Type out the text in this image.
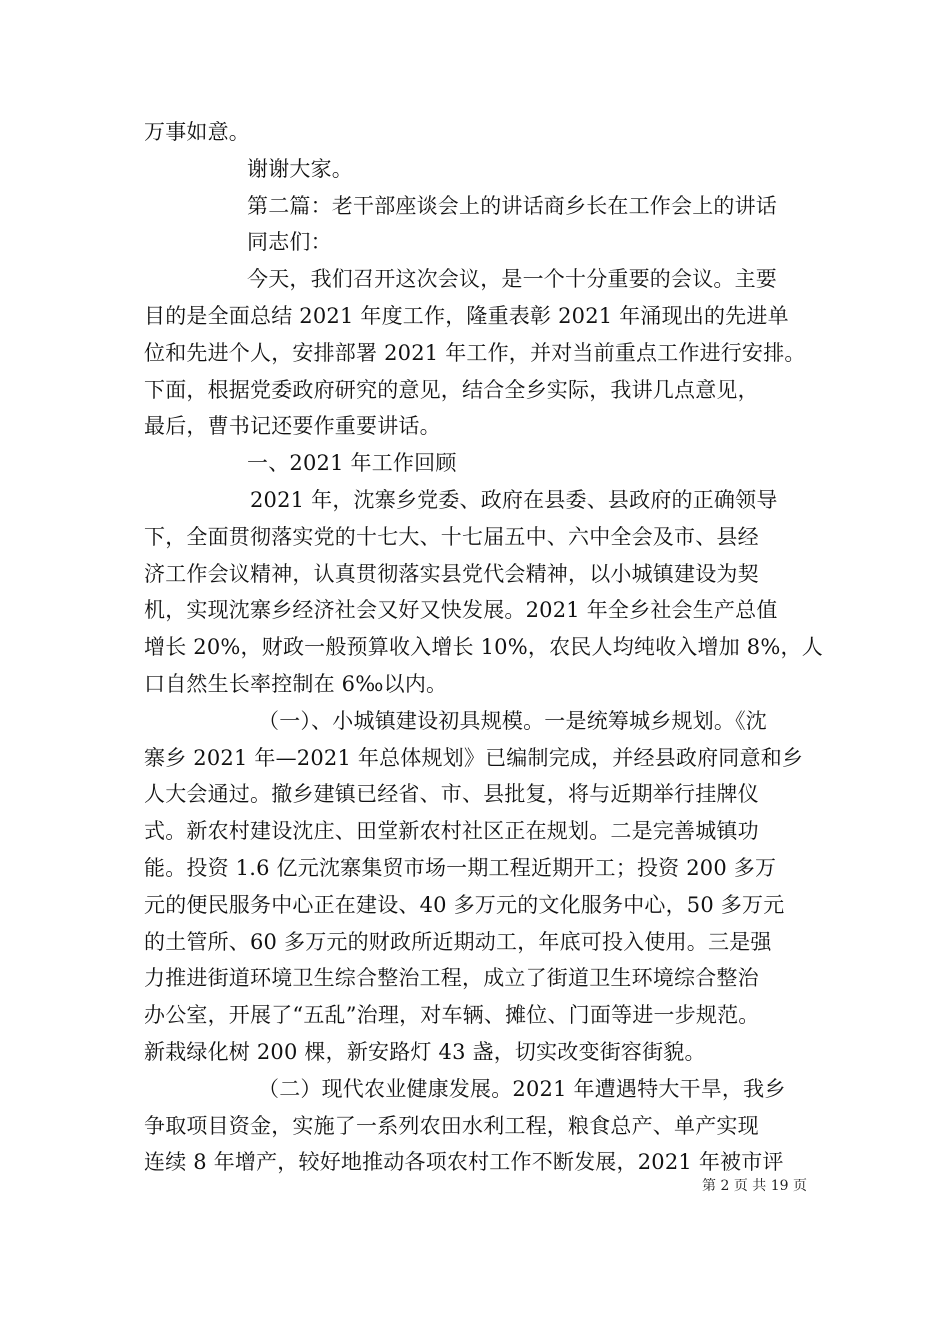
万事如意。
谢谢大家。
第二篇：老干部座谈会上的讲话商乡长在工作会上的讲话
同志们：
今天，我们召开这次会议，是一个十分重要的会议。主要
目的是全面总结 2021 年度工作，隆重表彰 2021 年涌现出的先进单
位和先进个人，安排部署 2021 年工作，并对当前重点工作进行安排。
下面，根据党委政府研究的意见，结合全乡实际，我讲几点意见，
最后，曹书记还要作重要讲话。
一、2021 年工作回顾
2021 年，沈寨乡党委、政府在县委、县政府的正确领导
下，全面贯彻落实党的十七大、十七届五中、六中全会及市、县经
济工作会议精神，认真贯彻落实县党代会精神，以小城镇建设为契
机，实现沈寨乡经济社会又好又快发展。2021 年全乡社会生产总值
增长 20%，财政一般预算收入增长 10%，农民人均纯收入增加 8%，人
口自然生长率控制在 6‰以内。
（一）、小城镇建设初具规模。一是统筹城乡规划。《沈
寨乡 2021 年—2021 年总体规划》已编制完成，并经县政府同意和乡
人大会通过。撤乡建镇已经省、市、县批复，将与近期举行挂牌仪
式。新农村建设沈庄、田堂新农村社区正在规划。二是完善城镇功
能。投资 1.6 亿元沈寨集贸市场一期工程近期开工；投资 200 多万
元的便民服务中心正在建设、40 多万元的文化服务中心，50 多万元
的土管所、60 多万元的财政所近期动工，年底可投入使用。三是强
力推进街道环境卫生综合整治工程，成立了街道卫生环境综合整治
办公室，开展了“五乱”治理，对车辆、摊位、门面等进一步规范。
新栽绿化树 200 棵，新安路灯 43 盏，切实改变街容街貌。
（二）现代农业健康发展。2021 年遭遇特大干旱，我乡
争取项目资金，实施了一系列农田水利工程，粮食总产、单产实现
连续 8 年增产，较好地推动各项农村工作不断发展，2021 年被市评
第 2 页 共 19 页
